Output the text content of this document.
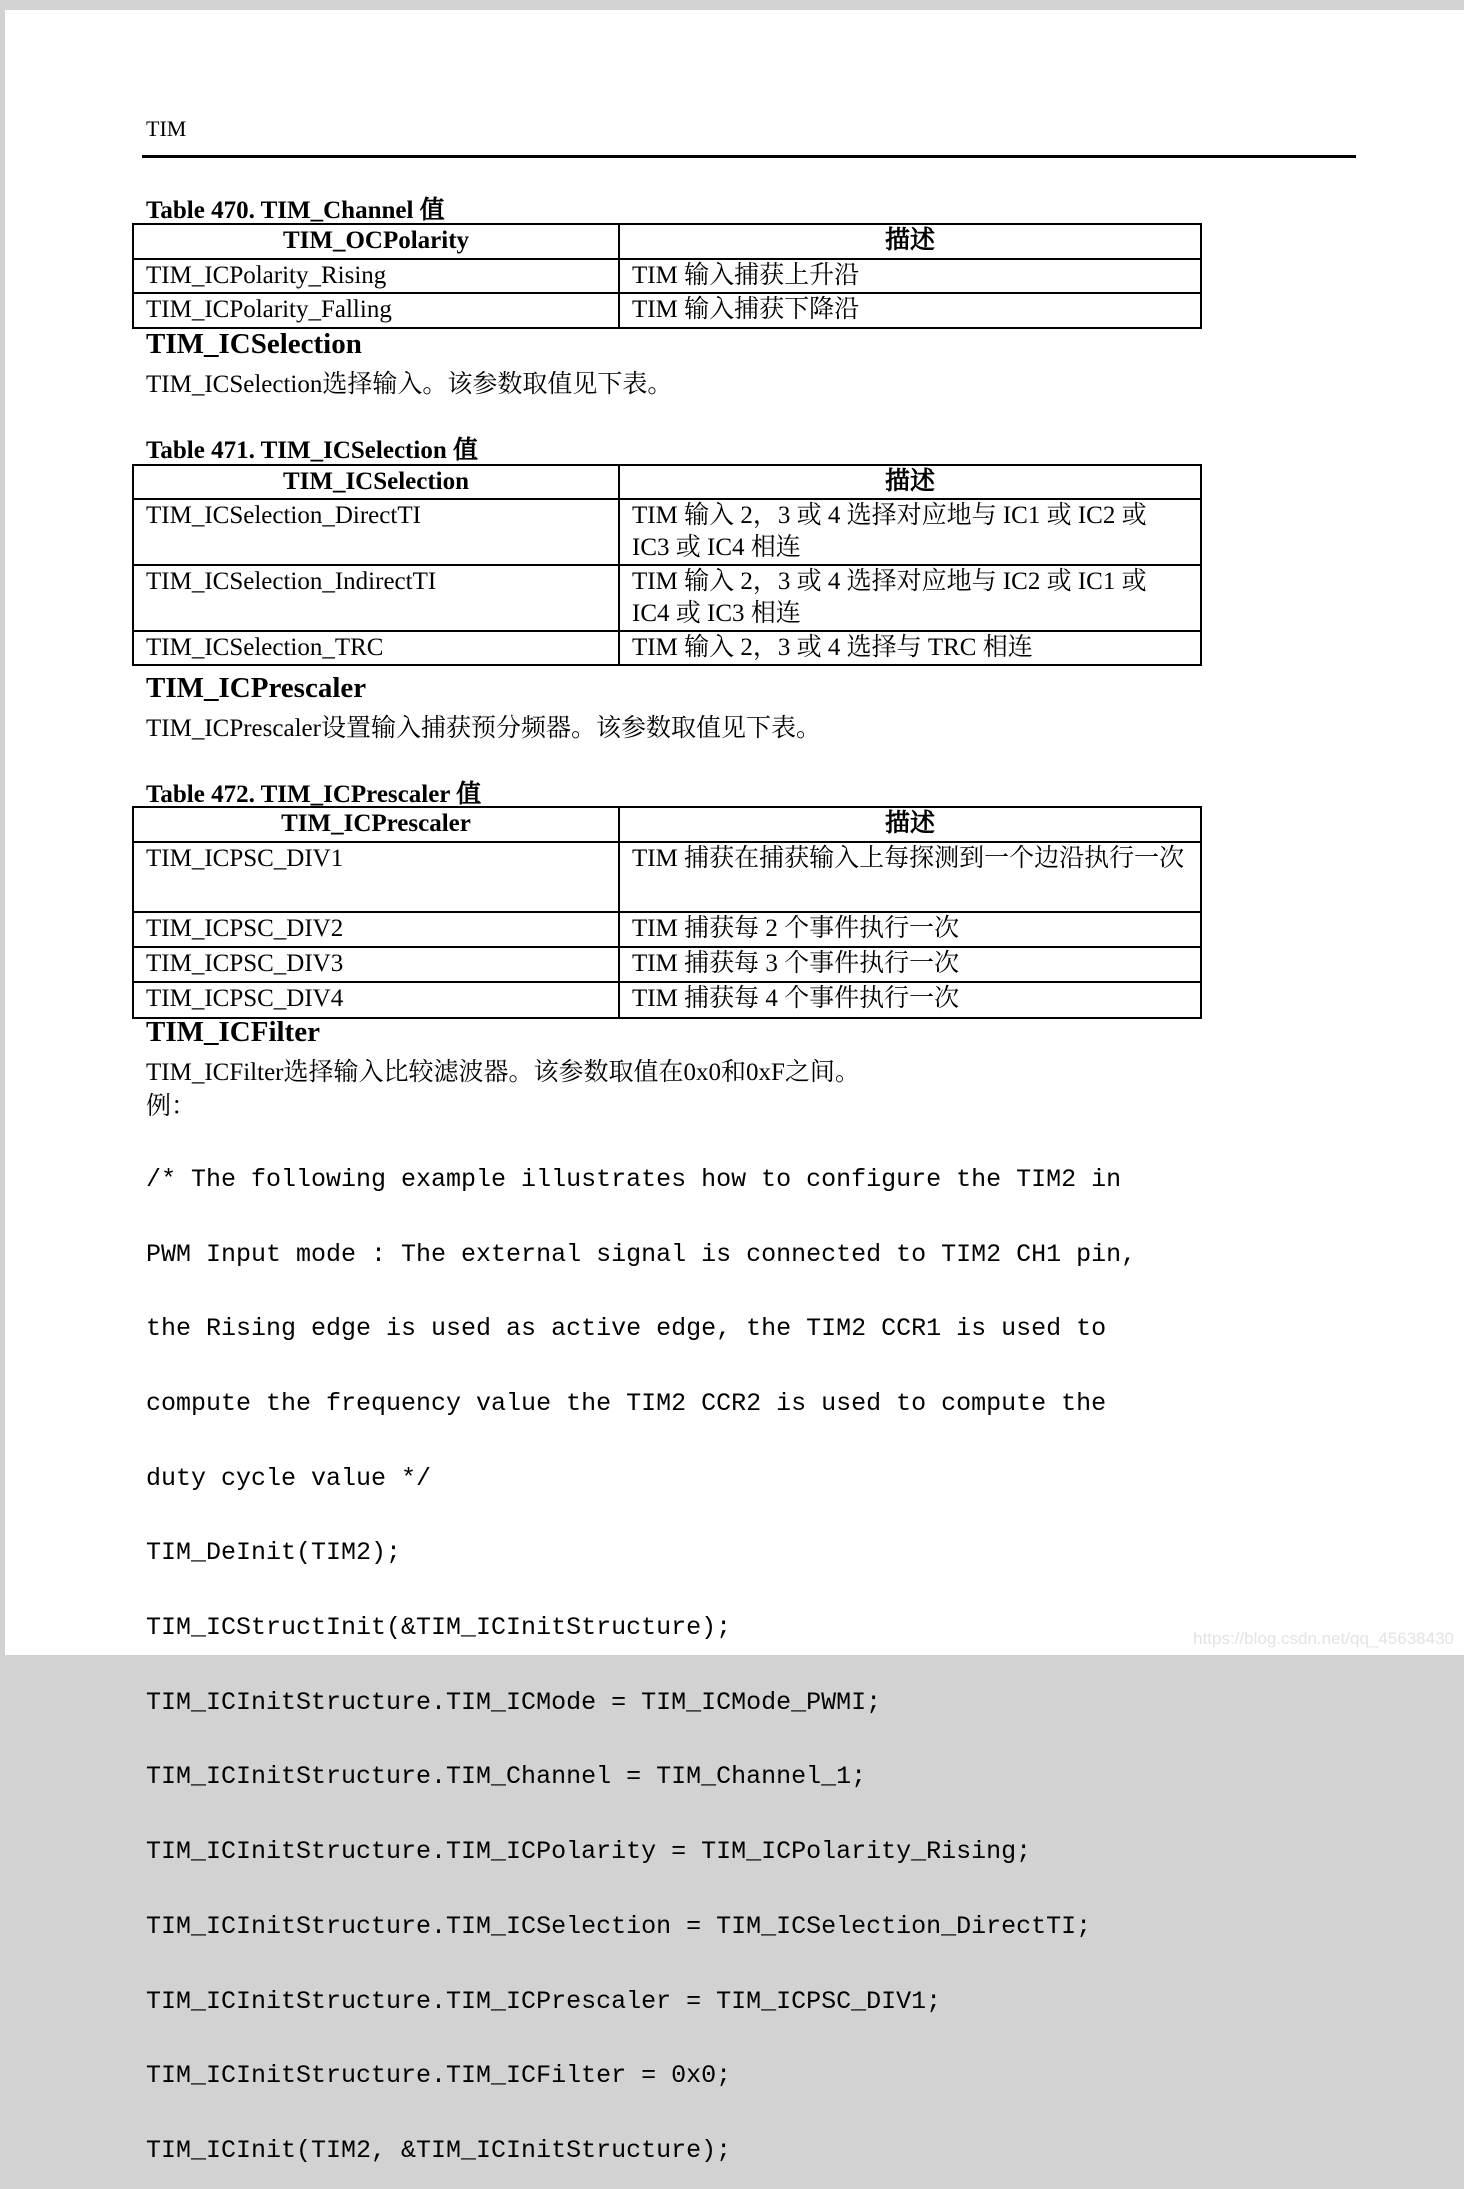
TIM
Table 470. TIM_Channel 值
TIM_OCPolarity	描述
TIM_ICPolarity_Rising	TIM 输入捕获上升沿
TIM_ICPolarity_Falling	TIM 输入捕获下降沿
TIM_ICSelection
TIM_ICSelection选择输入。该参数取值见下表。
Table 471. TIM_ICSelection 值
TIM_ICSelection	描述
TIM_ICSelection_DirectTI	TIM 输入 2，3 或 4 选择对应地与 IC1 或 IC2 或 IC3 或 IC4 相连
TIM_ICSelection_IndirectTI	TIM 输入 2，3 或 4 选择对应地与 IC2 或 IC1 或 IC4 或 IC3 相连
TIM_ICSelection_TRC	TIM 输入 2，3 或 4 选择与 TRC 相连
TIM_ICPrescaler
TIM_ICPrescaler设置输入捕获预分频器。该参数取值见下表。
Table 472. TIM_ICPrescaler 值
TIM_ICPrescaler	描述
TIM_ICPSC_DIV1	TIM 捕获在捕获输入上每探测到一个边沿执行一次
TIM_ICPSC_DIV2	TIM 捕获每 2 个事件执行一次
TIM_ICPSC_DIV3	TIM 捕获每 3 个事件执行一次
TIM_ICPSC_DIV4	TIM 捕获每 4 个事件执行一次
TIM_ICFilter
TIM_ICFilter选择输入比较滤波器。该参数取值在0x0和0xF之间。
例：

/* The following example illustrates how to configure the TIM2 in

PWM Input mode : The external signal is connected to TIM2 CH1 pin,

the Rising edge is used as active edge, the TIM2 CCR1 is used to

compute the frequency value the TIM2 CCR2 is used to compute the

duty cycle value */

TIM_DeInit(TIM2);

TIM_ICStructInit(&TIM_ICInitStructure);

TIM_ICInitStructure.TIM_ICMode = TIM_ICMode_PWMI;

TIM_ICInitStructure.TIM_Channel = TIM_Channel_1;

TIM_ICInitStructure.TIM_ICPolarity = TIM_ICPolarity_Rising;

TIM_ICInitStructure.TIM_ICSelection = TIM_ICSelection_DirectTI;

TIM_ICInitStructure.TIM_ICPrescaler = TIM_ICPSC_DIV1;

TIM_ICInitStructure.TIM_ICFilter = 0x0;

TIM_ICInit(TIM2, &TIM_ICInitStructure);

https://blog.csdn.net/qq_45638430
